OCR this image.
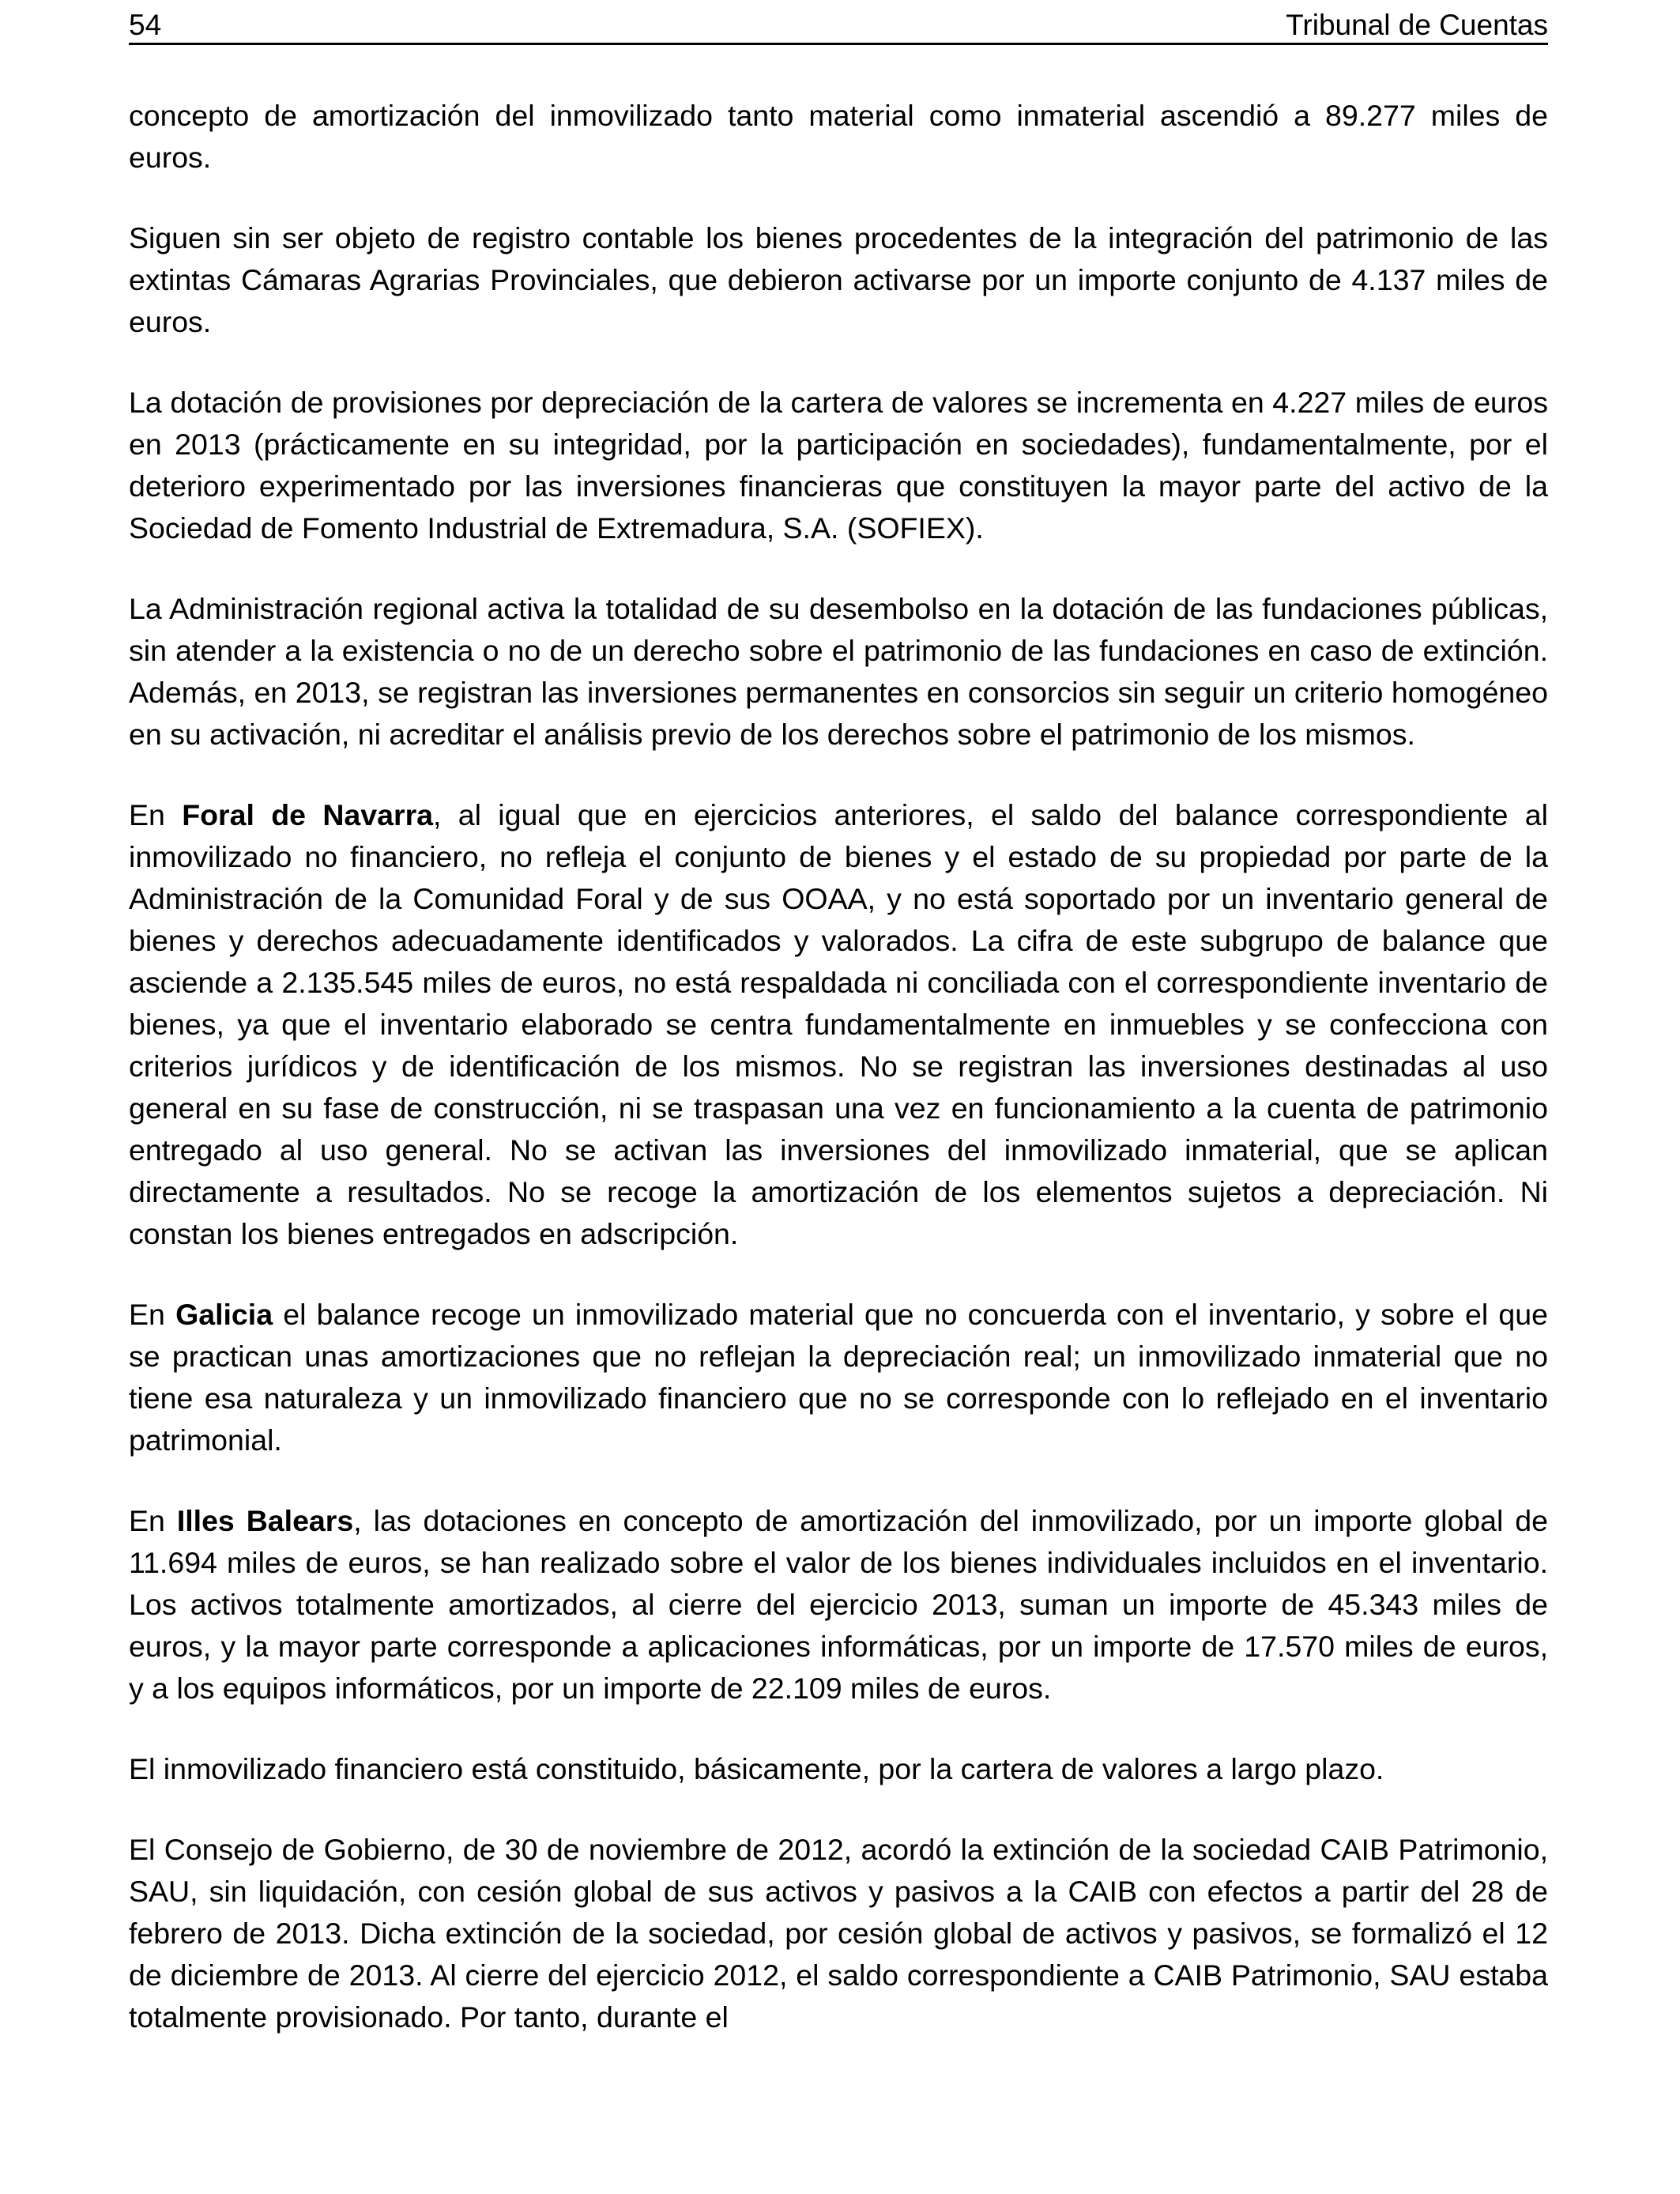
54	Tribunal de Cuentas

concepto de amortización del inmovilizado tanto material como inmaterial ascendió a 89.277 miles de euros.

Siguen sin ser objeto de registro contable los bienes procedentes de la integración del patrimonio de las extintas Cámaras Agrarias Provinciales, que debieron activarse por un importe conjunto de 4.137 miles de euros.

La dotación de provisiones por depreciación de la cartera de valores se incrementa en 4.227 miles de euros en 2013 (prácticamente en su integridad, por la participación en sociedades), fundamentalmente, por el deterioro experimentado por las inversiones financieras que constituyen la mayor parte del activo de la Sociedad de Fomento Industrial de Extremadura, S.A. (SOFIEX).

La Administración regional activa la totalidad de su desembolso en la dotación de las fundaciones públicas, sin atender a la existencia o no de un derecho sobre el patrimonio de las fundaciones en caso de extinción. Además, en 2013, se registran las inversiones permanentes en consorcios sin seguir un criterio homogéneo en su activación, ni acreditar el análisis previo de los derechos sobre el patrimonio de los mismos.

En Foral de Navarra, al igual que en ejercicios anteriores, el saldo del balance correspondiente al inmovilizado no financiero, no refleja el conjunto de bienes y el estado de su propiedad por parte de la Administración de la Comunidad Foral y de sus OOAA, y no está soportado por un inventario general de bienes y derechos adecuadamente identificados y valorados. La cifra de este subgrupo de balance que asciende a 2.135.545 miles de euros, no está respaldada ni conciliada con el correspondiente inventario de bienes, ya que el inventario elaborado se centra fundamentalmente en inmuebles y se confecciona con criterios jurídicos y de identificación de los mismos. No se registran las inversiones destinadas al uso general en su fase de construcción, ni se traspasan una vez en funcionamiento a la cuenta de patrimonio entregado al uso general. No se activan las inversiones del inmovilizado inmaterial, que se aplican directamente a resultados. No se recoge la amortización de los elementos sujetos a depreciación. Ni constan los bienes entregados en adscripción.

En Galicia el balance recoge un inmovilizado material que no concuerda con el inventario, y sobre el que se practican unas amortizaciones que no reflejan la depreciación real; un inmovilizado inmaterial que no tiene esa naturaleza y un inmovilizado financiero que no se corresponde con lo reflejado en el inventario patrimonial.

En Illes Balears, las dotaciones en concepto de amortización del inmovilizado, por un importe global de 11.694 miles de euros, se han realizado sobre el valor de los bienes individuales incluidos en el inventario. Los activos totalmente amortizados, al cierre del ejercicio 2013, suman un importe de 45.343 miles de euros, y la mayor parte corresponde a aplicaciones informáticas, por un importe de 17.570 miles de euros, y a los equipos informáticos, por un importe de 22.109 miles de euros.

El inmovilizado financiero está constituido, básicamente, por la cartera de valores a largo plazo.

El Consejo de Gobierno, de 30 de noviembre de 2012, acordó la extinción de la sociedad CAIB Patrimonio, SAU, sin liquidación, con cesión global de sus activos y pasivos a la CAIB con efectos a partir del 28 de febrero de 2013. Dicha extinción de la sociedad, por cesión global de activos y pasivos, se formalizó el 12 de diciembre de 2013. Al cierre del ejercicio 2012, el saldo correspondiente a CAIB Patrimonio, SAU estaba totalmente provisionado. Por tanto, durante el
